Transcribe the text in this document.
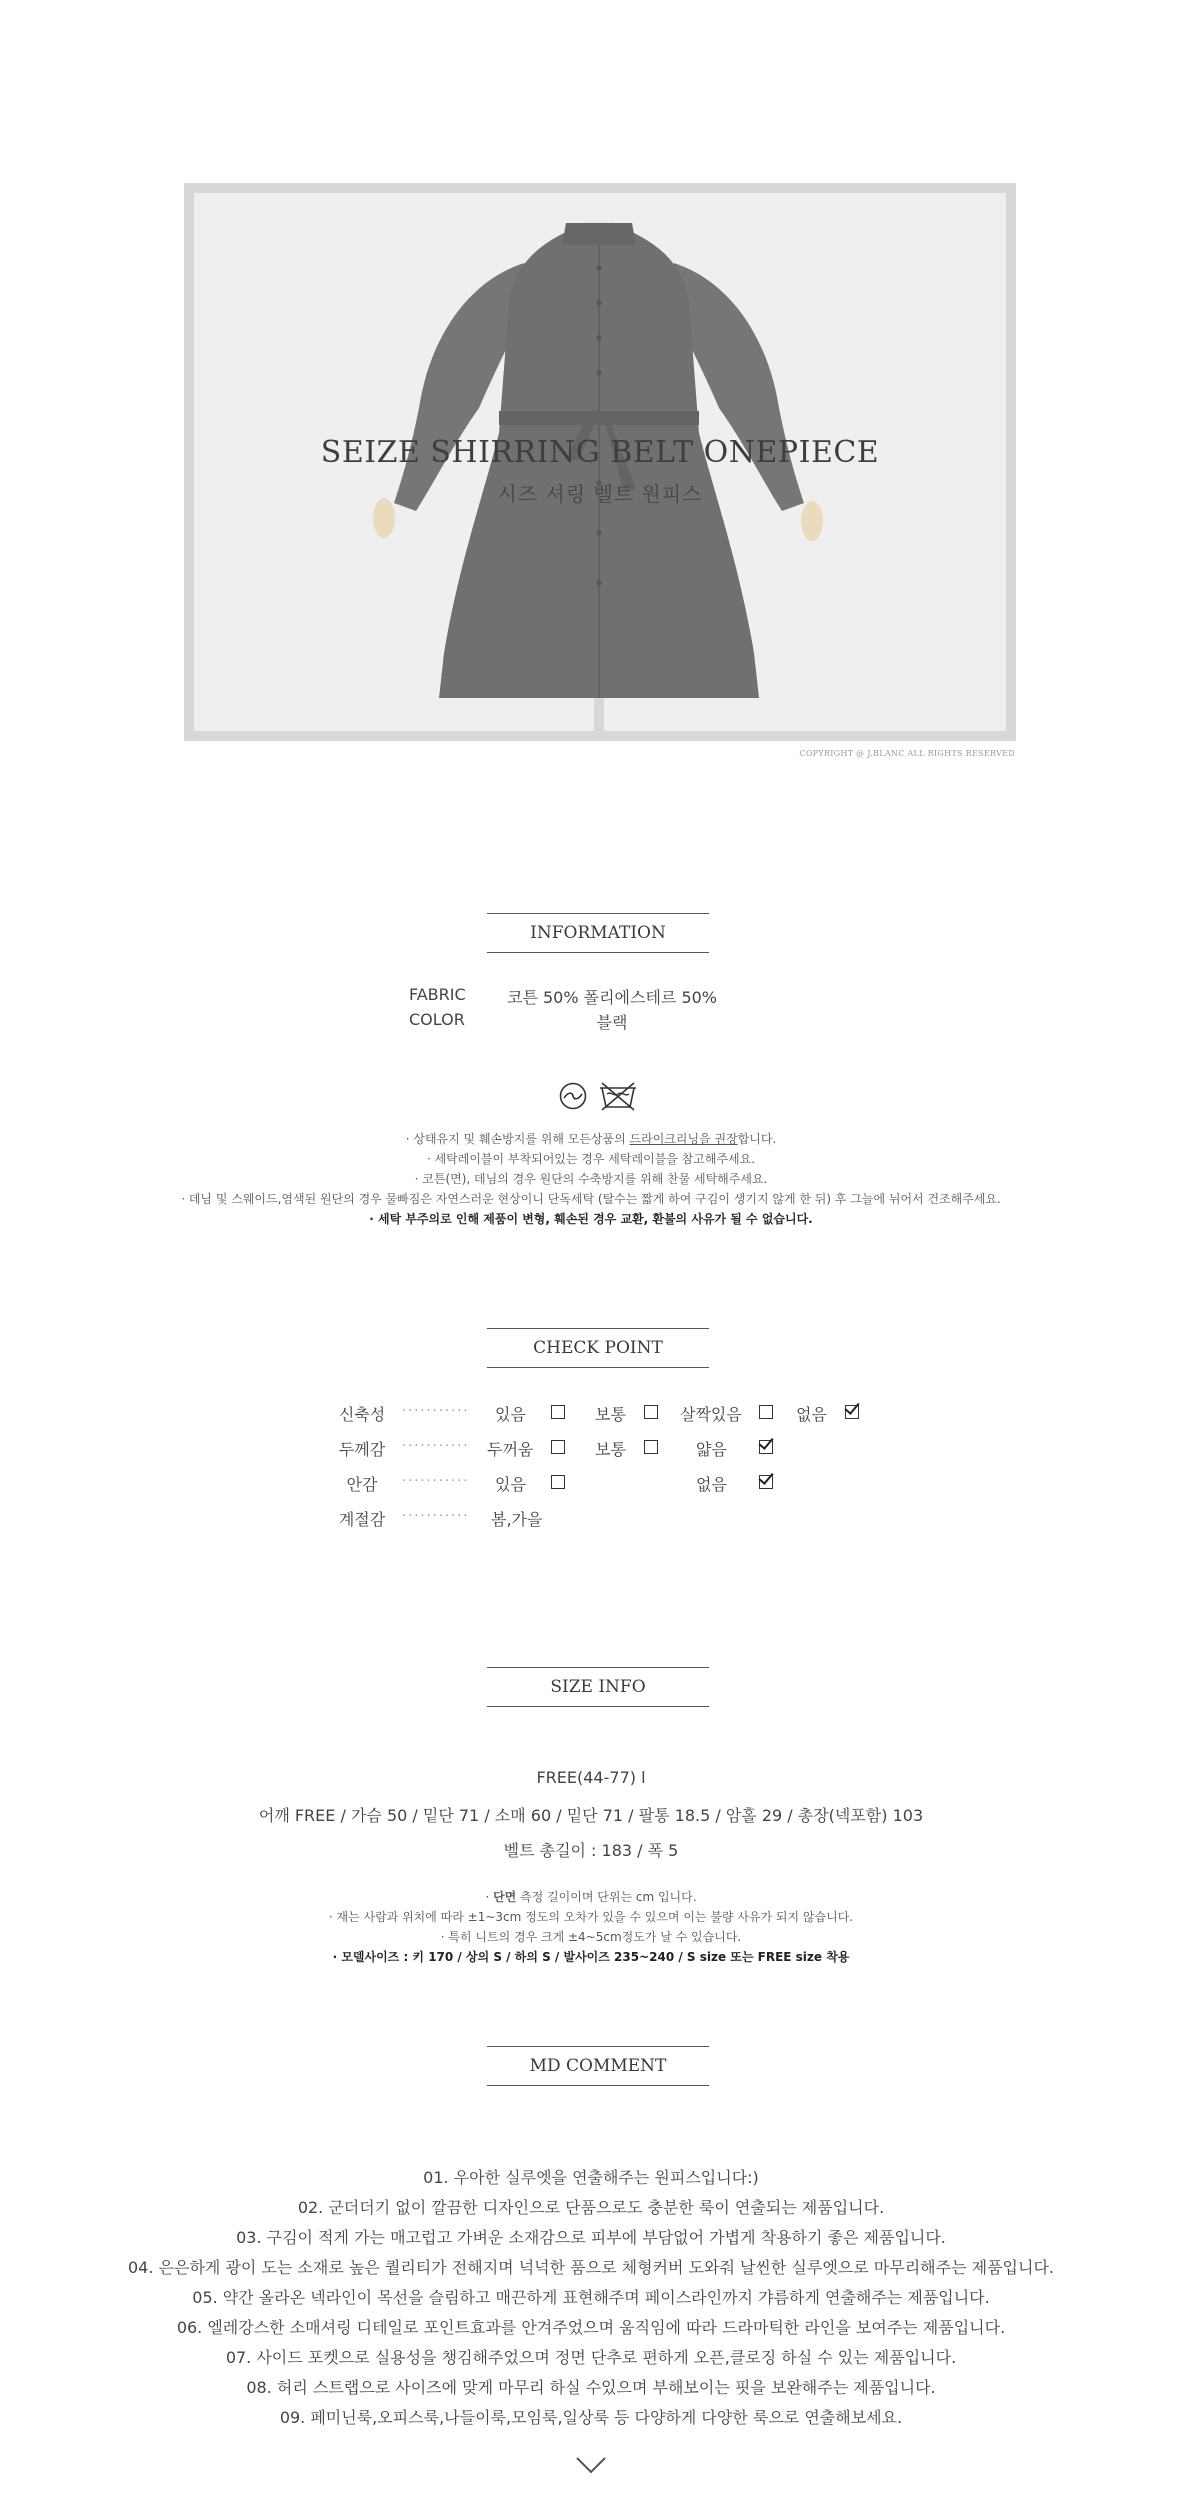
SEIZE SHIRRING BELT ONEPIECE
시즈 셔링 벨트 원피스
COPYRIGHT @ J.BLANC ALL RIGHTS RESERVED
INFORMATION
FABRIC	코튼 50% 폴리에스테르 50%
COLOR	블랙
· 상태유지 및 훼손방지를 위해 모든상품의 드라이크리닝을 권장합니다.
· 세탁레이블이 부착되어있는 경우 세탁레이블을 참고해주세요.
· 코튼(면), 데님의 경우 원단의 수축방지를 위해 찬물 세탁해주세요.
· 데님 및 스웨이드,염색된 원단의 경우 물빠짐은 자연스러운 현상이니 단독세탁 (탈수는 짧게 하여 구김이 생기지 않게 한 뒤) 후 그늘에 뉘어서 건조해주세요.
· 세탁 부주의로 인해 제품이 변형, 훼손된 경우 교환, 환불의 사유가 될 수 없습니다.
CHECK POINT
신축성	··········· 있음	보통	살짝있음	없음
두께감	··········· 두꺼움	보통	얇음
안감	··········· 있음	없음
계절감	··········· 봄,가을
SIZE INFO
FREE(44-77) l
어깨 FREE / 가슴 50 / 밑단 71 / 소매 60 / 밑단 71 / 팔통 18.5 / 암홀 29 / 총장(넥포함) 103
벨트 총길이 : 183 / 폭 5
· 단면 측정 길이이며 단위는 cm 입니다.
· 재는 사람과 위치에 따라 ±1~3cm 정도의 오차가 있을 수 있으며 이는 불량 사유가 되지 않습니다.
· 특히 니트의 경우 크게 ±4~5cm정도가 날 수 있습니다.
· 모델사이즈 : 키 170 / 상의 S / 하의 S / 발사이즈 235~240 / S size 또는 FREE size 착용
MD COMMENT
01. 우아한 실루엣을 연출해주는 원피스입니다:)
02. 군더더기 없이 깔끔한 디자인으로 단품으로도 충분한 룩이 연출되는 제품입니다.
03. 구김이 적게 가는 매고럽고 가벼운 소재감으로 피부에 부담없어 가볍게 착용하기 좋은 제품입니다.
04. 은은하게 광이 도는 소재로 높은 퀄리티가 전해지며 넉넉한 품으로 체형커버 도와줘 날씬한 실루엣으로 마무리해주는 제품입니다.
05. 약간 올라온 넥라인이 목선을 슬림하고 매끈하게 표현해주며 페이스라인까지 갸름하게 연출해주는 제품입니다.
06. 엘레강스한 소매셔링 디테일로 포인트효과를 안겨주었으며 움직임에 따라 드라마틱한 라인을 보여주는 제품입니다.
07. 사이드 포켓으로 실용성을 챙김해주었으며 정면 단추로 편하게 오픈,클로징 하실 수 있는 제품입니다.
08. 허리 스트랩으로 사이즈에 맞게 마무리 하실 수있으며 부해보이는 핏을 보완해주는 제품입니다.
09. 페미닌룩,오피스룩,나들이룩,모임룩,일상룩 등 다양하게 다양한 룩으로 연출해보세요.
